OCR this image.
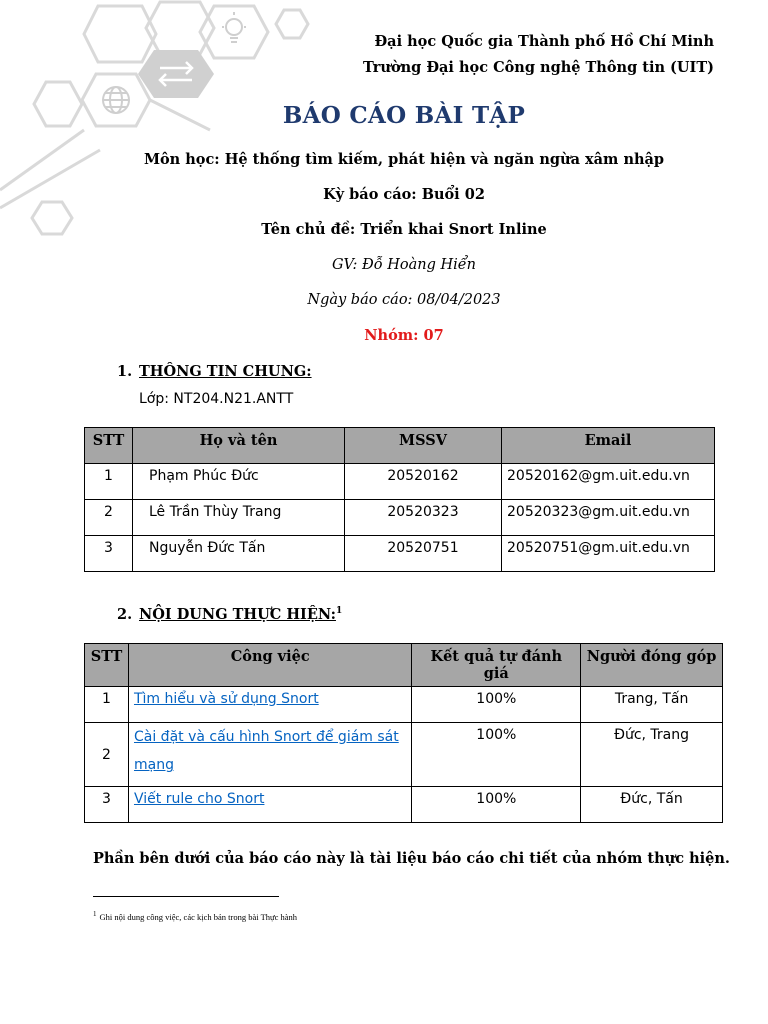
Đại học Quốc gia Thành phố Hồ Chí Minh
Trường Đại học Công nghệ Thông tin (UIT)
BÁO CÁO BÀI TẬP
Môn học: Hệ thống tìm kiếm, phát hiện và ngăn ngừa xâm nhập
Kỳ báo cáo: Buổi 02
Tên chủ đề: Triển khai Snort Inline
GV: Đỗ Hoàng Hiển
Ngày báo cáo: 08/04/2023
Nhóm: 07
1. THÔNG TIN CHUNG:
Lớp: NT204.N21.ANTT
STT	Họ và tên	MSSV	Email
1	Phạm Phúc Đức	20520162	20520162@gm.uit.edu.vn
2	Lê Trần Thùy Trang	20520323	20520323@gm.uit.edu.vn
3	Nguyễn Đức Tấn	20520751	20520751@gm.uit.edu.vn
2. NỘI DUNG THỰC HIỆN:$^1$
STT	Công việc	Kết quả tự đánh giá	Người đóng góp
1	Tìm hiểu và sử dụng Snort	100%	Trang, Tấn
2	Cài đặt và cấu hình Snort để giám sát mạng	100%	Đức, Trang
3	Viết rule cho Snort	100%	Đức, Tấn
Phần bên dưới của báo cáo này là tài liệu báo cáo chi tiết của nhóm thực hiện.
$^1$ Ghi nội dung công việc, các kịch bản trong bài Thực hành
